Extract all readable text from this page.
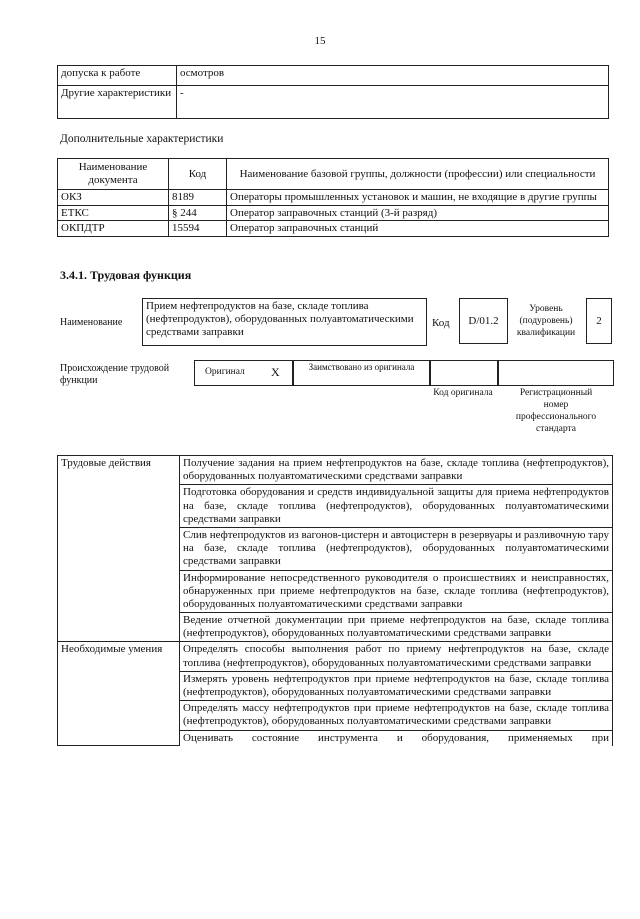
15
допуска к работе	осмотров
Другие характеристики	-
Дополнительные характеристики
Наименование документа	Код	Наименование базовой группы, должности (профессии) или специальности
ОКЗ	8189	Операторы промышленных установок и машин, не входящие в другие группы
ЕТКС	§ 244	Оператор заправочных станций (3-й разряд)
ОКПДТР	15594	Оператор заправочных станций
3.4.1. Трудовая функция
Наименование
Прием нефтепродуктов на базе, складе топлива (нефтепродуктов), оборудованных полуавтоматическими средствами заправки
Код	D/01.2
Уровень (подуровень) квалификации
2
Происхождение трудовой функции
Оригинал X	Заимствовано из оригинала
Код оригинала	Регистрационный номер профессионального стандарта
Трудовые действия	Получение задания на прием нефтепродуктов на базе, складе топлива (нефтепродуктов), оборудованных полуавтоматическими средствами заправки
	Подготовка оборудования и средств индивидуальной защиты для приема нефтепродуктов на базе, складе топлива (нефтепродуктов), оборудованных полуавтоматическими средствами заправки
	Слив нефтепродуктов из вагонов-цистерн и автоцистерн в резервуары и разливочную тару на базе, складе топлива (нефтепродуктов), оборудованных полуавтоматическими средствами заправки
	Информирование непосредственного руководителя о происшествиях и неисправностях, обнаруженных при приеме нефтепродуктов на базе, складе топлива (нефтепродуктов), оборудованных полуавтоматическими средствами заправки
	Ведение отчетной документации при приеме нефтепродуктов на базе, складе топлива (нефтепродуктов), оборудованных полуавтоматическими средствами заправки
Необходимые умения	Определять способы выполнения работ по приему нефтепродуктов на базе, складе топлива (нефтепродуктов), оборудованных полуавтоматическими средствами заправки
	Измерять уровень нефтепродуктов при приеме нефтепродуктов на базе, складе топлива (нефтепродуктов), оборудованных полуавтоматическими средствами заправки
	Определять массу нефтепродуктов при приеме нефтепродуктов на базе, складе топлива (нефтепродуктов), оборудованных полуавтоматическими средствами заправки
	Оценивать состояние инструмента и оборудования, применяемых при
